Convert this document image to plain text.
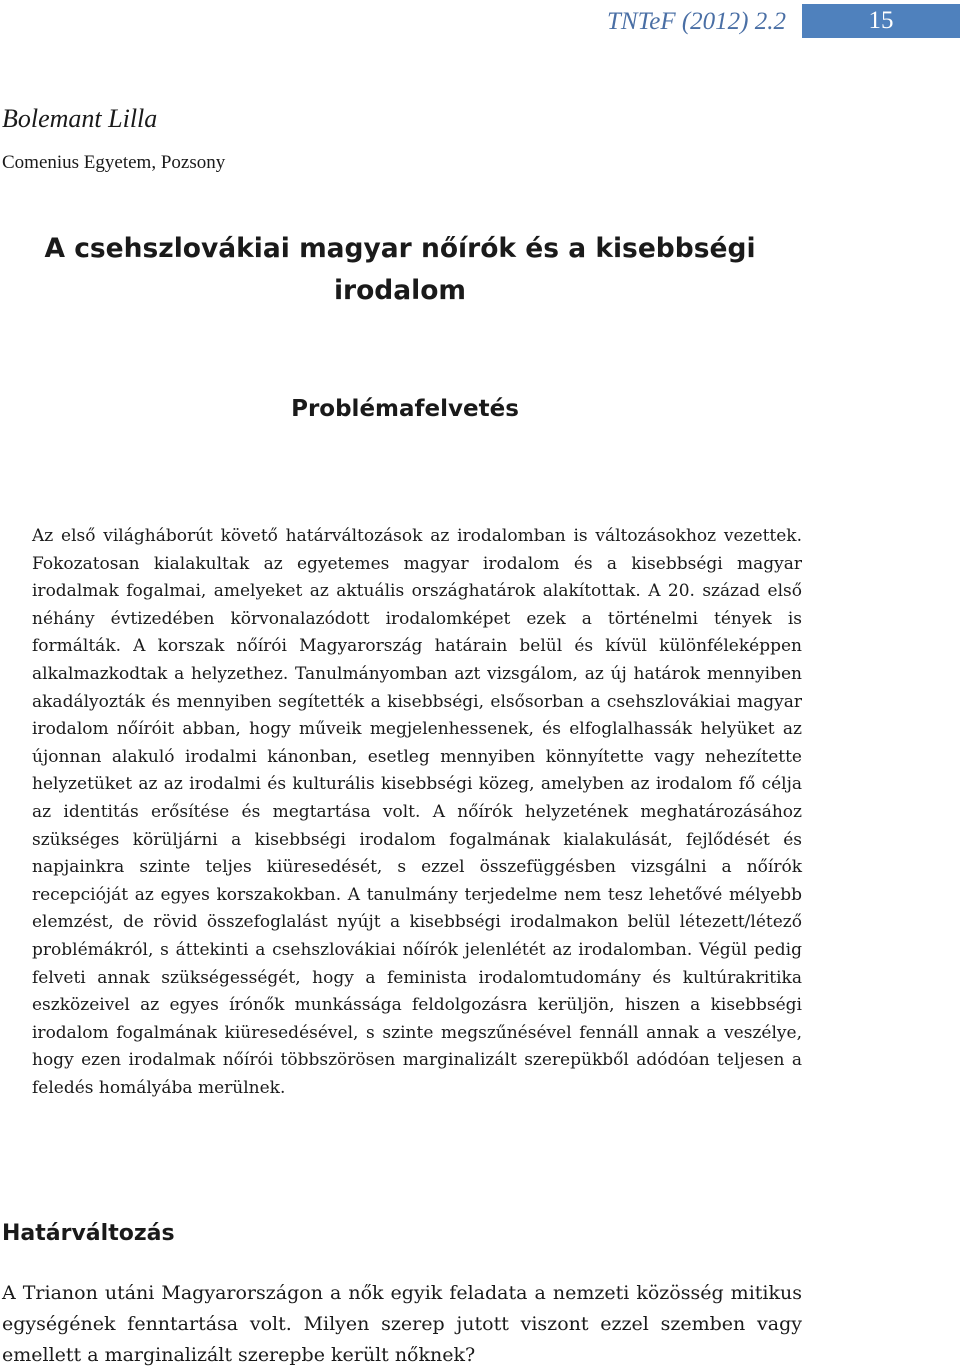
TNTeF (2012) 2.2	15
Bolemant Lilla
Comenius Egyetem, Pozsony
A csehszlovákiai magyar nőírók és a kisebbségi irodalom
Problémafelvetés

Az első világháborút követő határváltozások az irodalomban is változásokhoz vezettek. Fokozatosan kialakultak az egyetemes magyar irodalom és a kisebbségi magyar irodalmak fogalmai, amelyeket az aktuális országhatárok alakítottak. A 20. század első néhány évtizedében körvonalazódott irodalomképet ezek a történelmi tények is formálták. A korszak nőírói Magyarország határain belül és kívül különféleképpen alkalmazkodtak a helyzethez. Tanulmányomban azt vizsgálom, az új határok mennyiben akadályozták és mennyiben segítették a kisebbségi, elsősorban a csehszlovákiai magyar irodalom nőíróit abban, hogy műveik megjelenhessenek, és elfoglalhassák helyüket az újonnan alakuló irodalmi kánonban, esetleg mennyiben könnyítette vagy nehezítette helyzetüket az az irodalmi és kulturális kisebbségi közeg, amelyben az irodalom fő célja az identitás erősítése és megtartása volt. A nőírók helyzetének meghatározásához szükséges körüljárni a kisebbségi irodalom fogalmának kialakulását, fejlődését és napjainkra szinte teljes kiüresedését, s ezzel összefüggésben vizsgálni a nőírók recepcióját az egyes korszakokban. A tanulmány terjedelme nem tesz lehetővé mélyebb elemzést, de rövid összefoglalást nyújt a kisebbségi irodalmakon belül létezett/létező problémákról, s áttekinti a csehszlovákiai nőírók jelenlétét az irodalomban. Végül pedig felveti annak szükségességét, hogy a feminista irodalomtudomány és kultúrakritika eszközeivel az egyes írónők munkássága feldolgozásra kerüljön, hiszen a kisebbségi irodalom fogalmának kiüresedésével, s szinte megszűnésével fennáll annak a veszélye, hogy ezen irodalmak nőírói többszörösen marginalizált szerepükből adódóan teljesen a feledés homályába merülnek.

Határváltozás

A Trianon utáni Magyarországon a nők egyik feladata a nemzeti közösség mitikus egységének fenntartása volt. Milyen szerep jutott viszont ezzel szemben vagy emellett a marginalizált szerepbe került nőknek?
